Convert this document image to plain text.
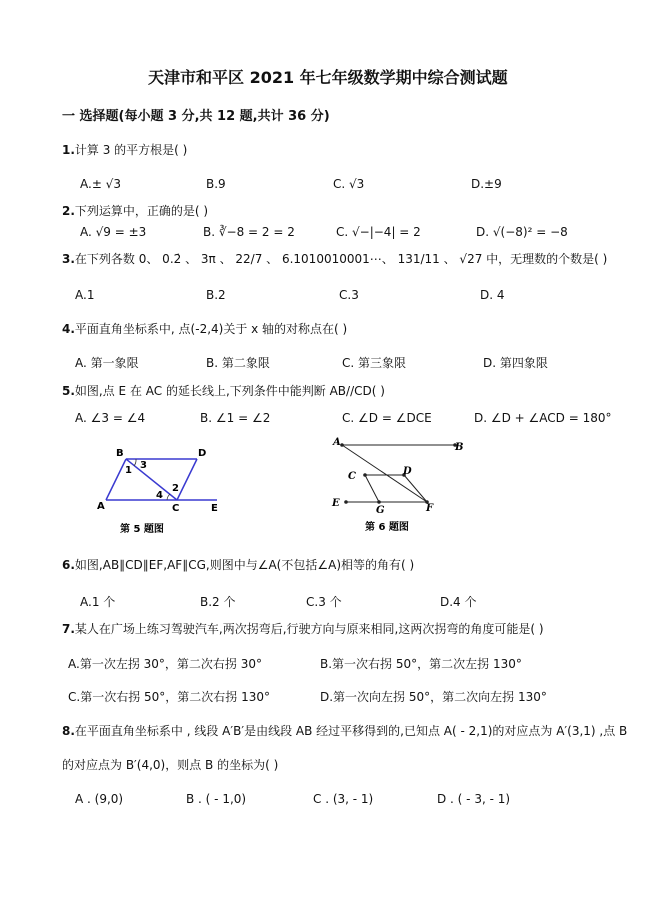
天津市和平区 2021 年七年级数学期中综合测试题
一 选择题(每小题 3 分,共 12 题,共计 36 分)
1.计算 3 的平方根是( )
A.± √3	B.9	C. √3	D.±9
2.下列运算中，正确的是( )
A. √9 = ±3	B. ∛−8 = 2 = 2	C. √−|−4| = 2	D. √(−8)² = −8
3.在下列各数 0、 0.2̇ 、 3π 、 22/7 、 6.1010010001⋯、 131/11 、 √27 中，无理数的个数是( )
A.1	B.2	C.3	D. 4
4.平面直角坐标系中, 点(-2,4)关于 x 轴的对称点在( )
A. 第一象限	B. 第二象限	C. 第三象限	D. 第四象限
5.如图,点 E 在 AC 的延长线上,下列条件中能判断 AB//CD( )
A. ∠3 = ∠4	B. ∠1 = ∠2	C. ∠D = ∠DCE	D. ∠D + ∠ACD = 180°
B	D
1 3
4
2
A	C	E
第 5 题图
A	B
C	D
E
G	F
第 6 题图
6.如图,AB∥CD∥EF,AF∥CG,则图中与∠A(不包括∠A)相等的角有( )
A.1 个	B.2 个	C.3 个	D.4 个
7.某人在广场上练习驾驶汽车,两次拐弯后,行驶方向与原来相同,这两次拐弯的角度可能是( )
A.第一次左拐 30°，第二次右拐 30°	B.第一次右拐 50°，第二次左拐 130°
C.第一次右拐 50°，第二次右拐 130°	D.第一次向左拐 50°，第二次向左拐 130°
8.在平面直角坐标系中 , 线段 A′B′是由线段 AB 经过平移得到的,已知点 A( - 2,1)的对应点为 A′(3,1) ,点 B
的对应点为 B′(4,0)，则点 B 的坐标为( )
A . (9,0)	B . ( - 1,0)	C . (3, - 1)	D . ( - 3, - 1)
